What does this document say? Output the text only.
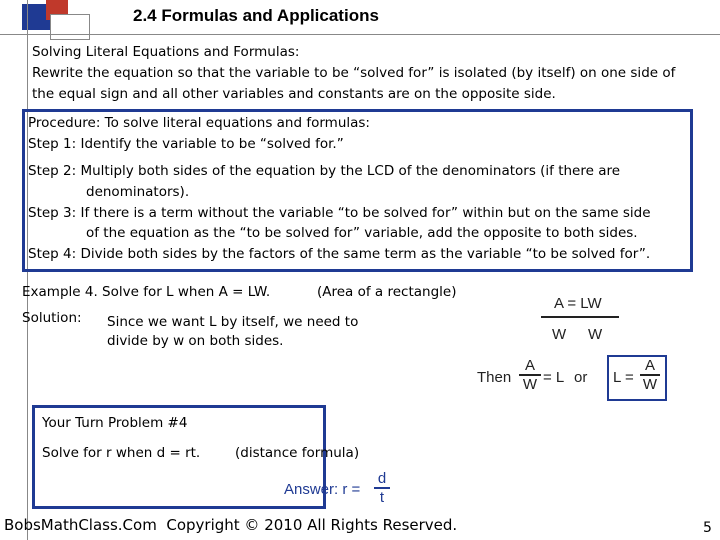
2.4 Formulas and Applications
Solving Literal Equations and Formulas:
Rewrite the equation so that the variable to be “solved for” is isolated (by itself) on one side of
the equal sign and all other variables and constants are on the opposite side.
Procedure: To solve literal equations and formulas:
Step 1: Identify the variable to be “solved for.”
Step 2: Multiply both sides of the equation by the LCD of the denominators (if there are
denominators).
Step 3: If there is a term without the variable “to be solved for” within but on the same side
of the equation as the “to be solved for” variable, add the opposite to both sides.
Step 4: Divide both sides by the factors of the same term as the variable “to be solved for”.
Example 4. Solve for L when A = LW.	(Area of a rectangle)
Solution: Since we want L by itself, we need to
divide by w on both sides.
A = LW
W W
Then
A
W = L or L =
A
W
Your Turn Problem #4
Solve for r when d = rt.	(distance formula)
Answer: r =
d
t
BobsMathClass.Com Copyright © 2010 All Rights Reserved.	5
